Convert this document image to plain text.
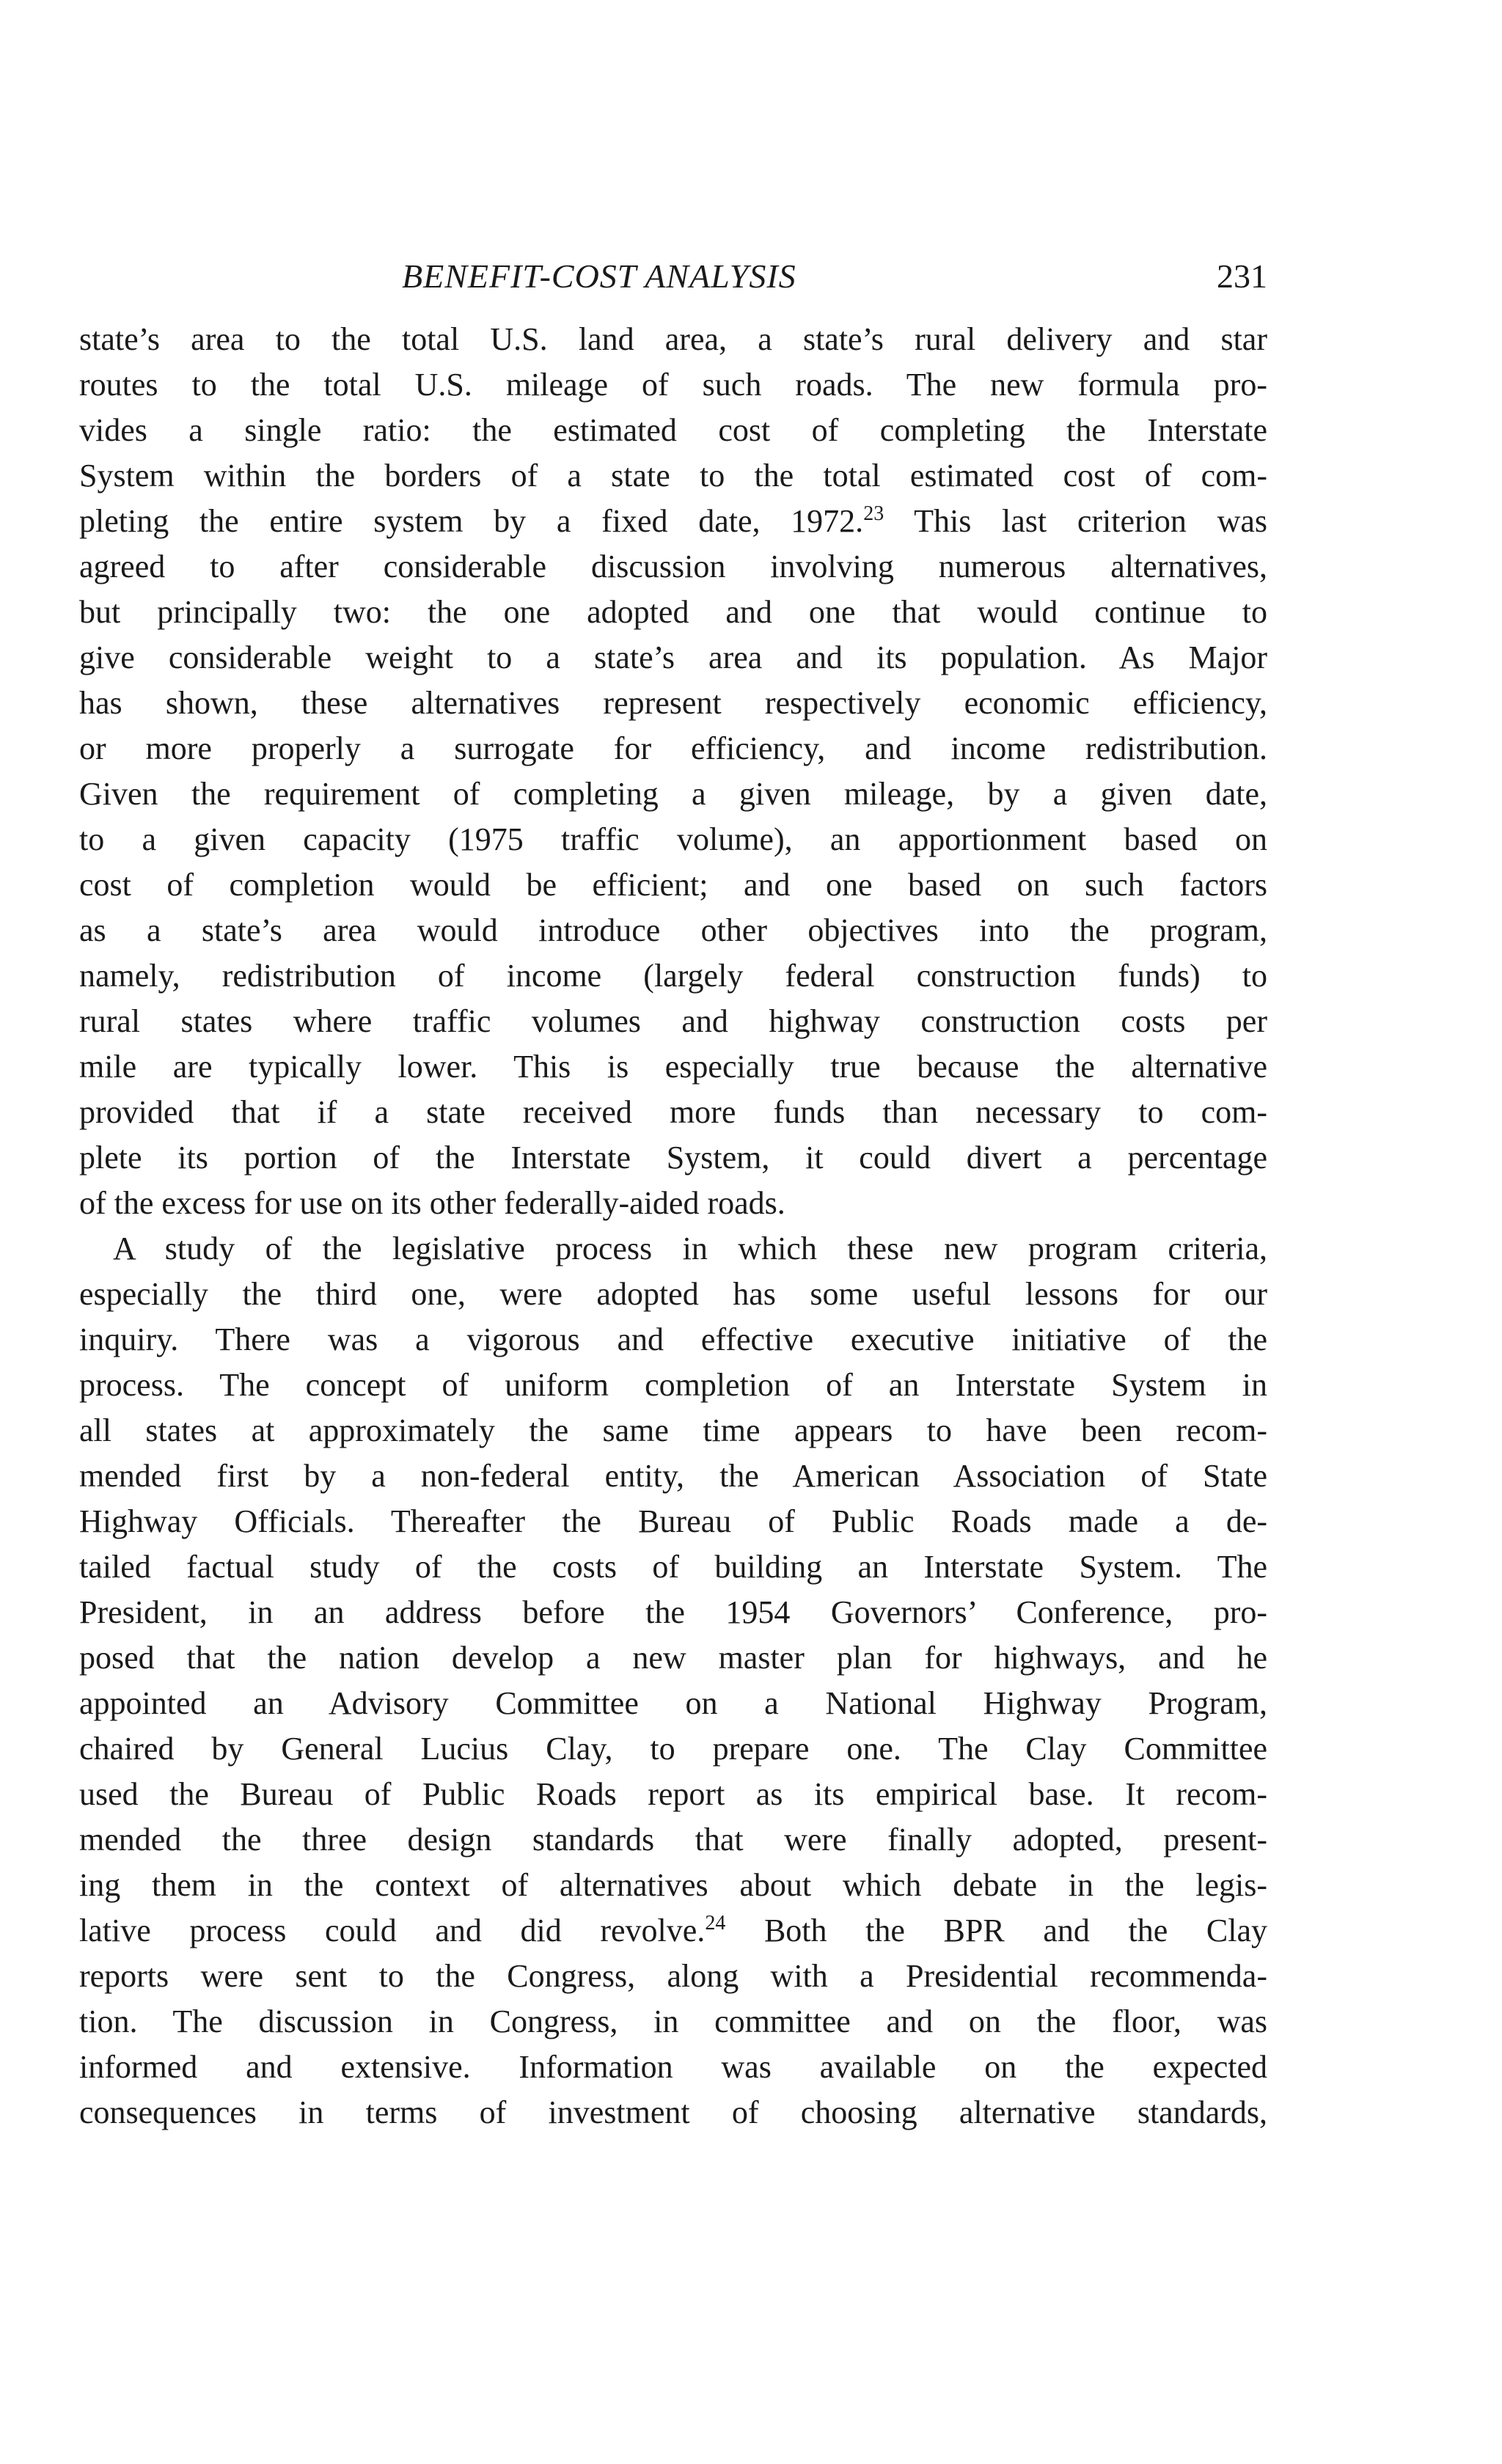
BENEFIT-COST ANALYSIS	231
state’s area to the total U.S. land area, a state’s rural delivery and star
routes to the total U.S. mileage of such roads. The new formula pro-
vides a single ratio: the estimated cost of completing the Interstate
System within the borders of a state to the total estimated cost of com-
pleting the entire system by a fixed date, 1972.23 This last criterion was
agreed to after considerable discussion involving numerous alternatives,
but principally two: the one adopted and one that would continue to
give considerable weight to a state’s area and its population. As Major
has shown, these alternatives represent respectively economic efficiency,
or more properly a surrogate for efficiency, and income redistribution.
Given the requirement of completing a given mileage, by a given date,
to a given capacity (1975 traffic volume), an apportionment based on
cost of completion would be efficient; and one based on such factors
as a state’s area would introduce other objectives into the program,
namely, redistribution of income (largely federal construction funds) to
rural states where traffic volumes and highway construction costs per
mile are typically lower. This is especially true because the alternative
provided that if a state received more funds than necessary to com-
plete its portion of the Interstate System, it could divert a percentage
of the excess for use on its other federally-aided roads.
A study of the legislative process in which these new program criteria,
especially the third one, were adopted has some useful lessons for our
inquiry. There was a vigorous and effective executive initiative of the
process. The concept of uniform completion of an Interstate System in
all states at approximately the same time appears to have been recom-
mended first by a non-federal entity, the American Association of State
Highway Officials. Thereafter the Bureau of Public Roads made a de-
tailed factual study of the costs of building an Interstate System. The
President, in an address before the 1954 Governors’ Conference, pro-
posed that the nation develop a new master plan for highways, and he
appointed an Advisory Committee on a National Highway Program,
chaired by General Lucius Clay, to prepare one. The Clay Committee
used the Bureau of Public Roads report as its empirical base. It recom-
mended the three design standards that were finally adopted, present-
ing them in the context of alternatives about which debate in the legis-
lative process could and did revolve.$^{24}$ Both the BPR and the Clay
reports were sent to the Congress, along with a Presidential recommenda-
tion. The discussion in Congress, in committee and on the floor, was
informed and extensive. Information was available on the expected
consequences in terms of investment of choosing alternative standards,
